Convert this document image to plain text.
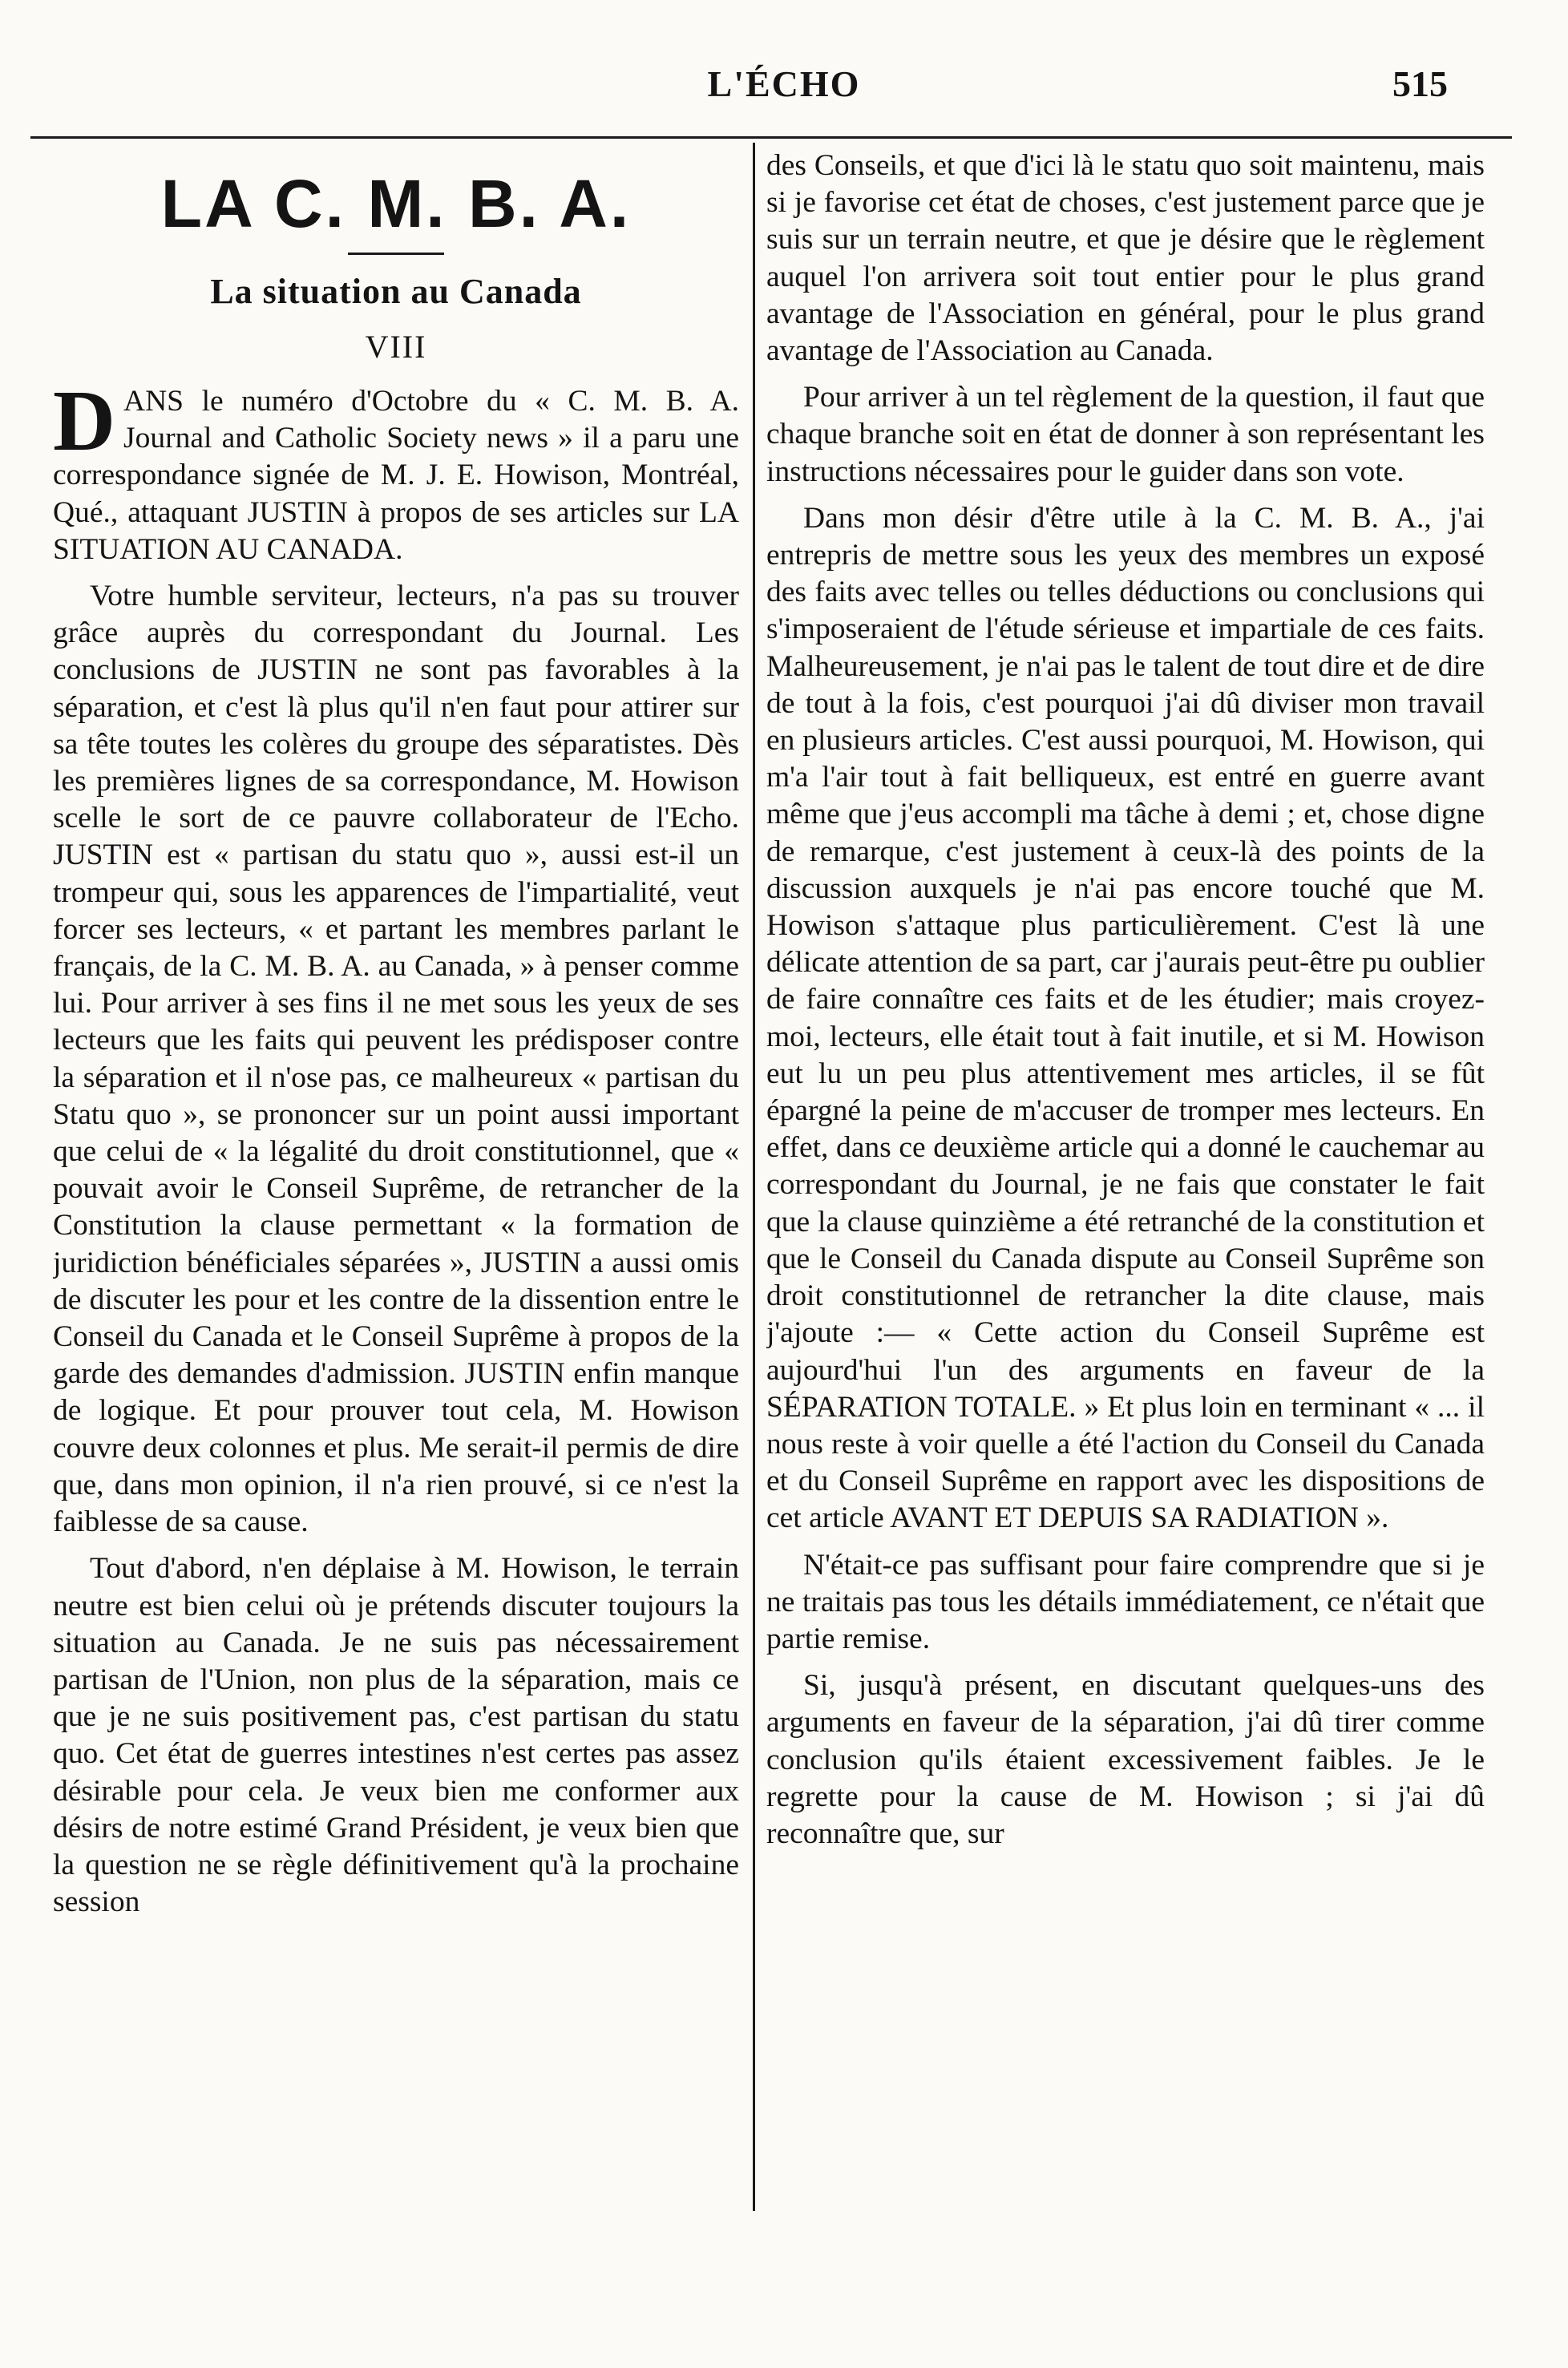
L'ÉCHO	515
LA C. M. B. A.
La situation au Canada
VIII

DANS le numéro d'Octobre du « C. M. B. A. Journal and Catholic Society news » il a paru une correspondance signée de M. J. E. Howison, Montréal, Qué., attaquant JUSTIN à propos de ses articles sur LA SITUATION AU CANADA.

Votre humble serviteur, lecteurs, n'a pas su trouver grâce auprès du correspondant du Journal. Les conclusions de JUSTIN ne sont pas favorables à la séparation, et c'est là plus qu'il n'en faut pour attirer sur sa tête toutes les colères du groupe des séparatistes. Dès les premières lignes de sa correspondance, M. Howison scelle le sort de ce pauvre collaborateur de l'Echo. JUSTIN est « partisan du statu quo », aussi est-il un trompeur qui, sous les apparences de l'impartialité, veut forcer ses lecteurs, « et partant les membres parlant le français, de la C. M. B. A. au Canada, » à penser comme lui. Pour arriver à ses fins il ne met sous les yeux de ses lecteurs que les faits qui peuvent les prédisposer contre la séparation et il n'ose pas, ce malheureux « partisan du Statu quo », se prononcer sur un point aussi important que celui de « la légalité du droit constitutionnel, que « pouvait avoir le Conseil Suprême, de retrancher de la Constitution la clause permettant « la formation de juridiction bénéficiales séparées », JUSTIN a aussi omis de discuter les pour et les contre de la dissention entre le Conseil du Canada et le Conseil Suprême à propos de la garde des demandes d'admission. JUSTIN enfin manque de logique. Et pour prouver tout cela, M. Howison couvre deux colonnes et plus. Me serait-il permis de dire que, dans mon opinion, il n'a rien prouvé, si ce n'est la faiblesse de sa cause.

Tout d'abord, n'en déplaise à M. Howison, le terrain neutre est bien celui où je prétends discuter toujours la situation au Canada. Je ne suis pas nécessairement partisan de l'Union, non plus de la séparation, mais ce que je ne suis positivement pas, c'est partisan du statu quo. Cet état de guerres intestines n'est certes pas assez désirable pour cela. Je veux bien me conformer aux désirs de notre estimé Grand Président, je veux bien que la question ne se règle définitivement qu'à la prochaine session

des Conseils, et que d'ici là le statu quo soit maintenu, mais si je favorise cet état de choses, c'est justement parce que je suis sur un terrain neutre, et que je désire que le règlement auquel l'on arrivera soit tout entier pour le plus grand avantage de l'Association en général, pour le plus grand avantage de l'Association au Canada.

Pour arriver à un tel règlement de la question, il faut que chaque branche soit en état de donner à son représentant les instructions nécessaires pour le guider dans son vote.

Dans mon désir d'être utile à la C. M. B. A., j'ai entrepris de mettre sous les yeux des membres un exposé des faits avec telles ou telles déductions ou conclusions qui s'imposeraient de l'étude sérieuse et impartiale de ces faits. Malheureusement, je n'ai pas le talent de tout dire et de dire de tout à la fois, c'est pourquoi j'ai dû diviser mon travail en plusieurs articles. C'est aussi pourquoi, M. Howison, qui m'a l'air tout à fait belliqueux, est entré en guerre avant même que j'eus accompli ma tâche à demi ; et, chose digne de remarque, c'est justement à ceux-là des points de la discussion auxquels je n'ai pas encore touché que M. Howison s'attaque plus particulièrement. C'est là une délicate attention de sa part, car j'aurais peut-être pu oublier de faire connaître ces faits et de les étudier; mais croyez-moi, lecteurs, elle était tout à fait inutile, et si M. Howison eut lu un peu plus attentivement mes articles, il se fût épargné la peine de m'accuser de tromper mes lecteurs. En effet, dans ce deuxième article qui a donné le cauchemar au correspondant du Journal, je ne fais que constater le fait que la clause quinzième a été retranché de la constitution et que le Conseil du Canada dispute au Conseil Suprême son droit constitutionnel de retrancher la dite clause, mais j'ajoute :— « Cette action du Conseil Suprême est aujourd'hui l'un des arguments en faveur de la SÉPARATION TOTALE. » Et plus loin en terminant « ... il nous reste à voir quelle a été l'action du Conseil du Canada et du Conseil Suprême en rapport avec les dispositions de cet article AVANT ET DEPUIS SA RADIATION ».

N'était-ce pas suffisant pour faire comprendre que si je ne traitais pas tous les détails immédiatement, ce n'était que partie remise.

Si, jusqu'à présent, en discutant quelques-uns des arguments en faveur de la séparation, j'ai dû tirer comme conclusion qu'ils étaient excessivement faibles. Je le regrette pour la cause de M. Howison ; si j'ai dû reconnaître que, sur
